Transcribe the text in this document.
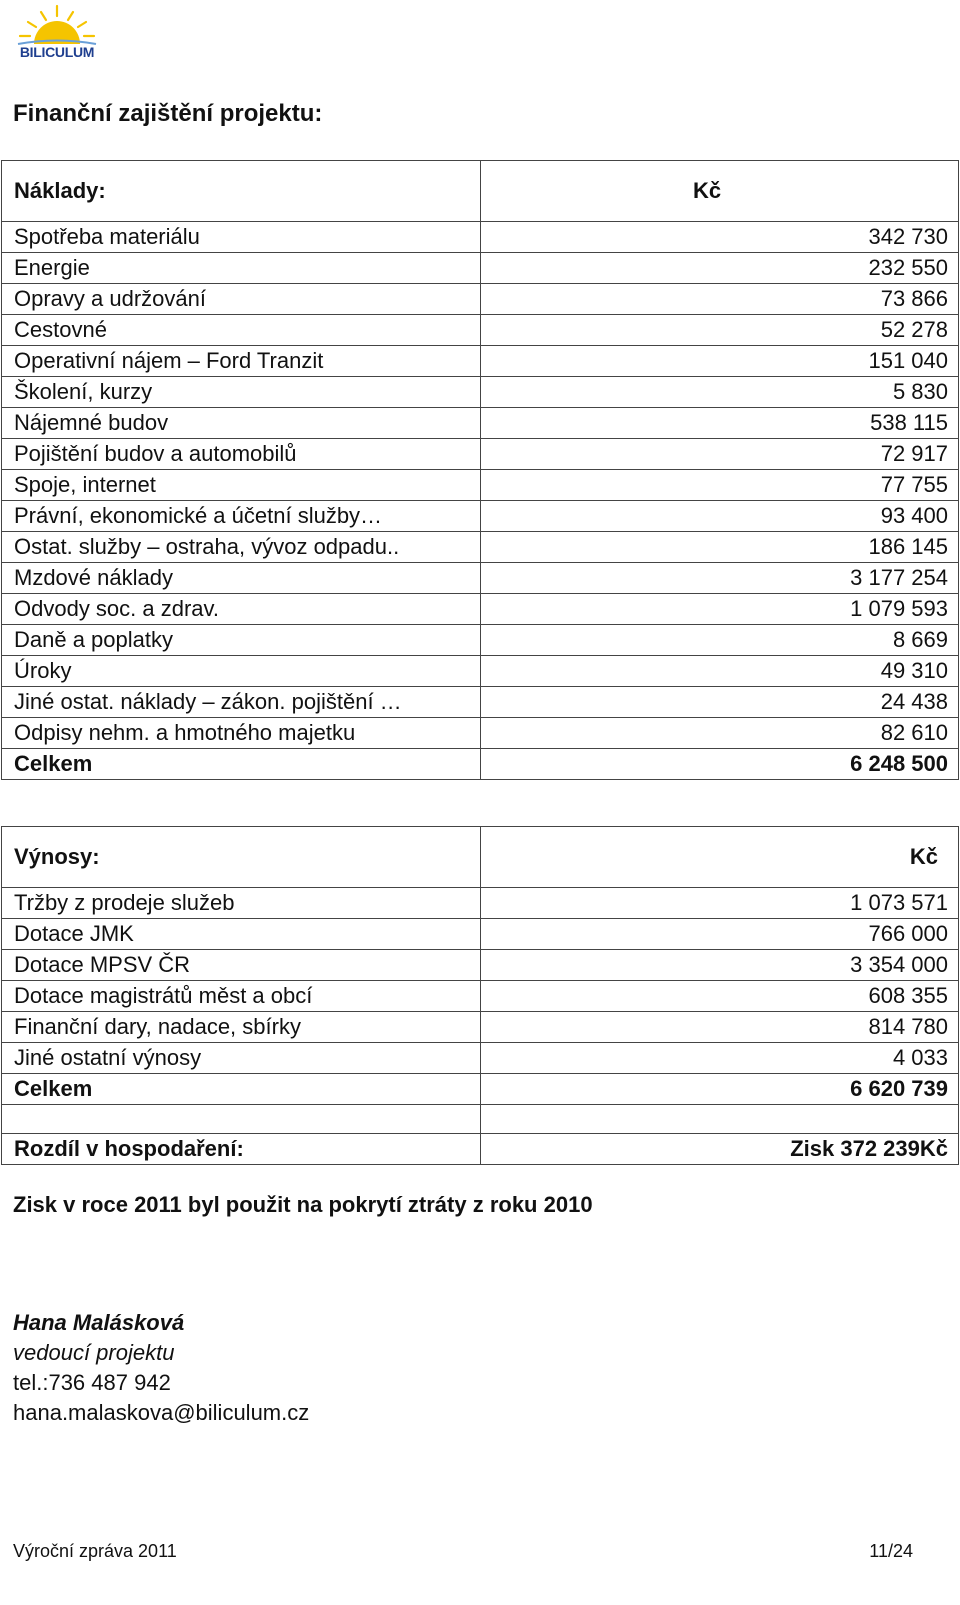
BILICULUM
Finanční zajištění projektu:
Náklady:	Kč
Spotřeba materiálu	342 730
Energie	232 550
Opravy a udržování	73 866
Cestovné	52 278
Operativní nájem – Ford Tranzit	151 040
Školení, kurzy	5 830
Nájemné budov	538 115
Pojištění budov a automobilů	72 917
Spoje, internet	77 755
Právní, ekonomické a účetní služby…	93 400
Ostat. služby – ostraha, vývoz odpadu..	186 145
Mzdové náklady	3 177 254
Odvody soc. a zdrav.	1 079 593
Daně a poplatky	8 669
Úroky	49 310
Jiné ostat. náklady – zákon. pojištění …	24 438
Odpisy nehm. a hmotného majetku	82 610
Celkem	6 248 500
Výnosy:	Kč
Tržby z prodeje služeb	1 073 571
Dotace JMK	766 000
Dotace MPSV ČR	3 354 000
Dotace magistrátů měst a obcí	608 355
Finanční dary, nadace, sbírky	814 780
Jiné ostatní výnosy	4 033
Celkem	6 620 739

Rozdíl v hospodaření:	Zisk 372 239Kč
Zisk v roce 2011 byl použit na pokrytí ztráty z roku 2010
Hana Malásková
vedoucí projektu
tel.:736 487 942
hana.malaskova@biliculum.cz
Výroční zpráva 2011	11/24
